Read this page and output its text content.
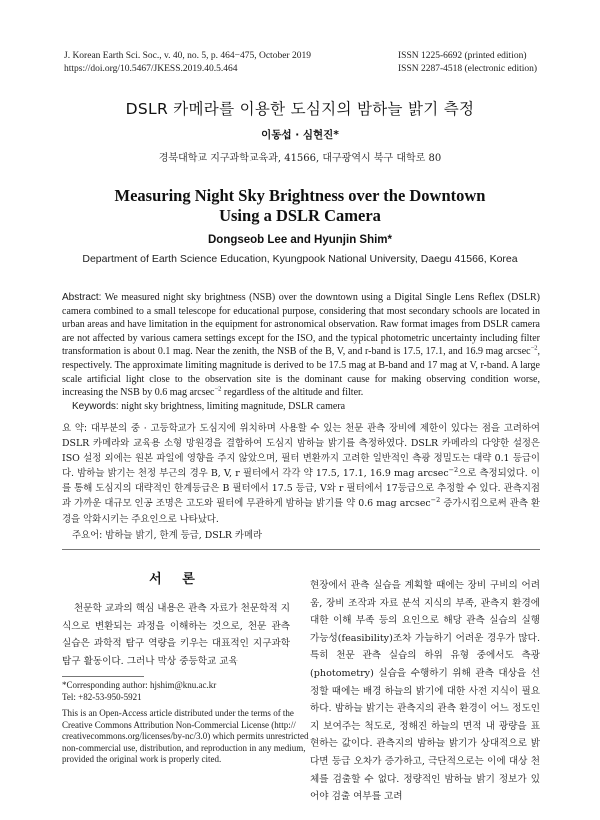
J. Korean Earth Sci. Soc., v. 40, no. 5, p. 464−475, October 2019
https://doi.org/10.5467/JKESS.2019.40.5.464
ISSN 1225-6692 (printed edition)
ISSN 2287-4518 (electronic edition)
DSLR 카메라를 이용한 도심지의 밤하늘 밝기 측정
이동섭 · 심현진*
경북대학교 지구과학교육과, 41566, 대구광역시 북구 대학로 80
Measuring Night Sky Brightness over the Downtown
Using a DSLR Camera
Dongseob Lee and Hyunjin Shim*
Department of Earth Science Education, Kyungpook National University, Daegu 41566, Korea
Abstract: We measured night sky brightness (NSB) over the downtown using a Digital Single Lens Reflex (DSLR) camera combined to a small telescope for educational purpose, considering that most secondary schools are located in urban areas and have limitation in the equipment for astronomical observation. Raw format images from DSLR camera are not affected by various camera settings except for the ISO, and the typical photometric uncertainty including filter transformation is about 0.1 mag. Near the zenith, the NSB of the B, V, and r-band is 17.5, 17.1, and 16.9 mag arcsec$^{-2}$, respectively. The approximate limiting magnitude is derived to be 17.5 mag at B-band and 17 mag at V, r-band. A large scale artificial light close to the observation site is the dominant cause for making observing condition worse, increasing the NSB by 0.6 mag arcsec$^{-2}$ regardless of the altitude and filter.
Keywords: night sky brightness, limiting magnitude, DSLR camera
요 약: 대부분의 중 · 고등학교가 도심지에 위치하며 사용할 수 있는 천문 관측 장비에 제한이 있다는 점을 고려하여 DSLR 카메라와 교육용 소형 망원경을 결합하여 도심지 밤하늘 밝기를 측정하였다. DSLR 카메라의 다양한 설정은 ISO 설정 외에는 원본 파일에 영향을 주지 않았으며, 필터 변환까지 고려한 일반적인 측광 정밀도는 대략 0.1 등급이다. 밤하늘 밝기는 천정 부근의 경우 B, V, r 필터에서 각각 약 17.5, 17.1, 16.9 mag arcsec$^{-2}$으로 측정되었다. 이를 통해 도심지의 대략적인 한계등급은 B 필터에서 17.5 등급, V와 r 필터에서 17등급으로 추정할 수 있다. 관측지점과 가까운 대규모 인공 조명은 고도와 필터에 무관하게 밤하늘 밝기를 약 0.6 mag arcsec$^{-2}$ 증가시킴으로써 관측 환경을 악화시키는 주요인으로 나타났다.
주요어: 밤하늘 밝기, 한계 등급, DSLR 카메라
서 론

천문학 교과의 핵심 내용은 관측 자료가 천문학적 지식으로 변환되는 과정을 이해하는 것으로, 천문 관측 실습은 과학적 탐구 역량을 키우는 대표적인 지구과학 탐구 활동이다. 그러나 막상 중등학교 교육

*Corresponding author: hjshim@knu.ac.kr
Tel: +82-53-950-5921
This is an Open-Access article distributed under the terms of the
Creative Commons Attribution Non-Commercial License (http://
creativecommons.org/licenses/by-nc/3.0) which permits unrestricted
non-commercial use, distribution, and reproduction in any medium,
provided the original work is properly cited.

현장에서 관측 실습을 계획할 때에는 장비 구비의 어려움, 장비 조작과 자료 분석 지식의 부족, 관측지 환경에 대한 이해 부족 등의 요인으로 해당 관측 실습의 실행 가능성(feasibility)조차 가늠하기 어려운 경우가 많다. 특히 천문 관측 실습의 하위 유형 중에서도 측광(photometry) 실습을 수행하기 위해 관측 대상을 선정할 때에는 배경 하늘의 밝기에 대한 사전 지식이 필요하다. 밤하늘 밝기는 관측지의 관측 환경이 어느 정도인지 보여주는 척도로, 정해진 하늘의 면적 내 광량을 표현하는 값이다. 관측지의 밤하늘 밝기가 상대적으로 밝다면 등급 오차가 증가하고, 극단적으로는 이에 대상 천체를 검출할 수 없다. 정량적인 밤하늘 밝기 정보가 있어야 검출 여부를 고려
